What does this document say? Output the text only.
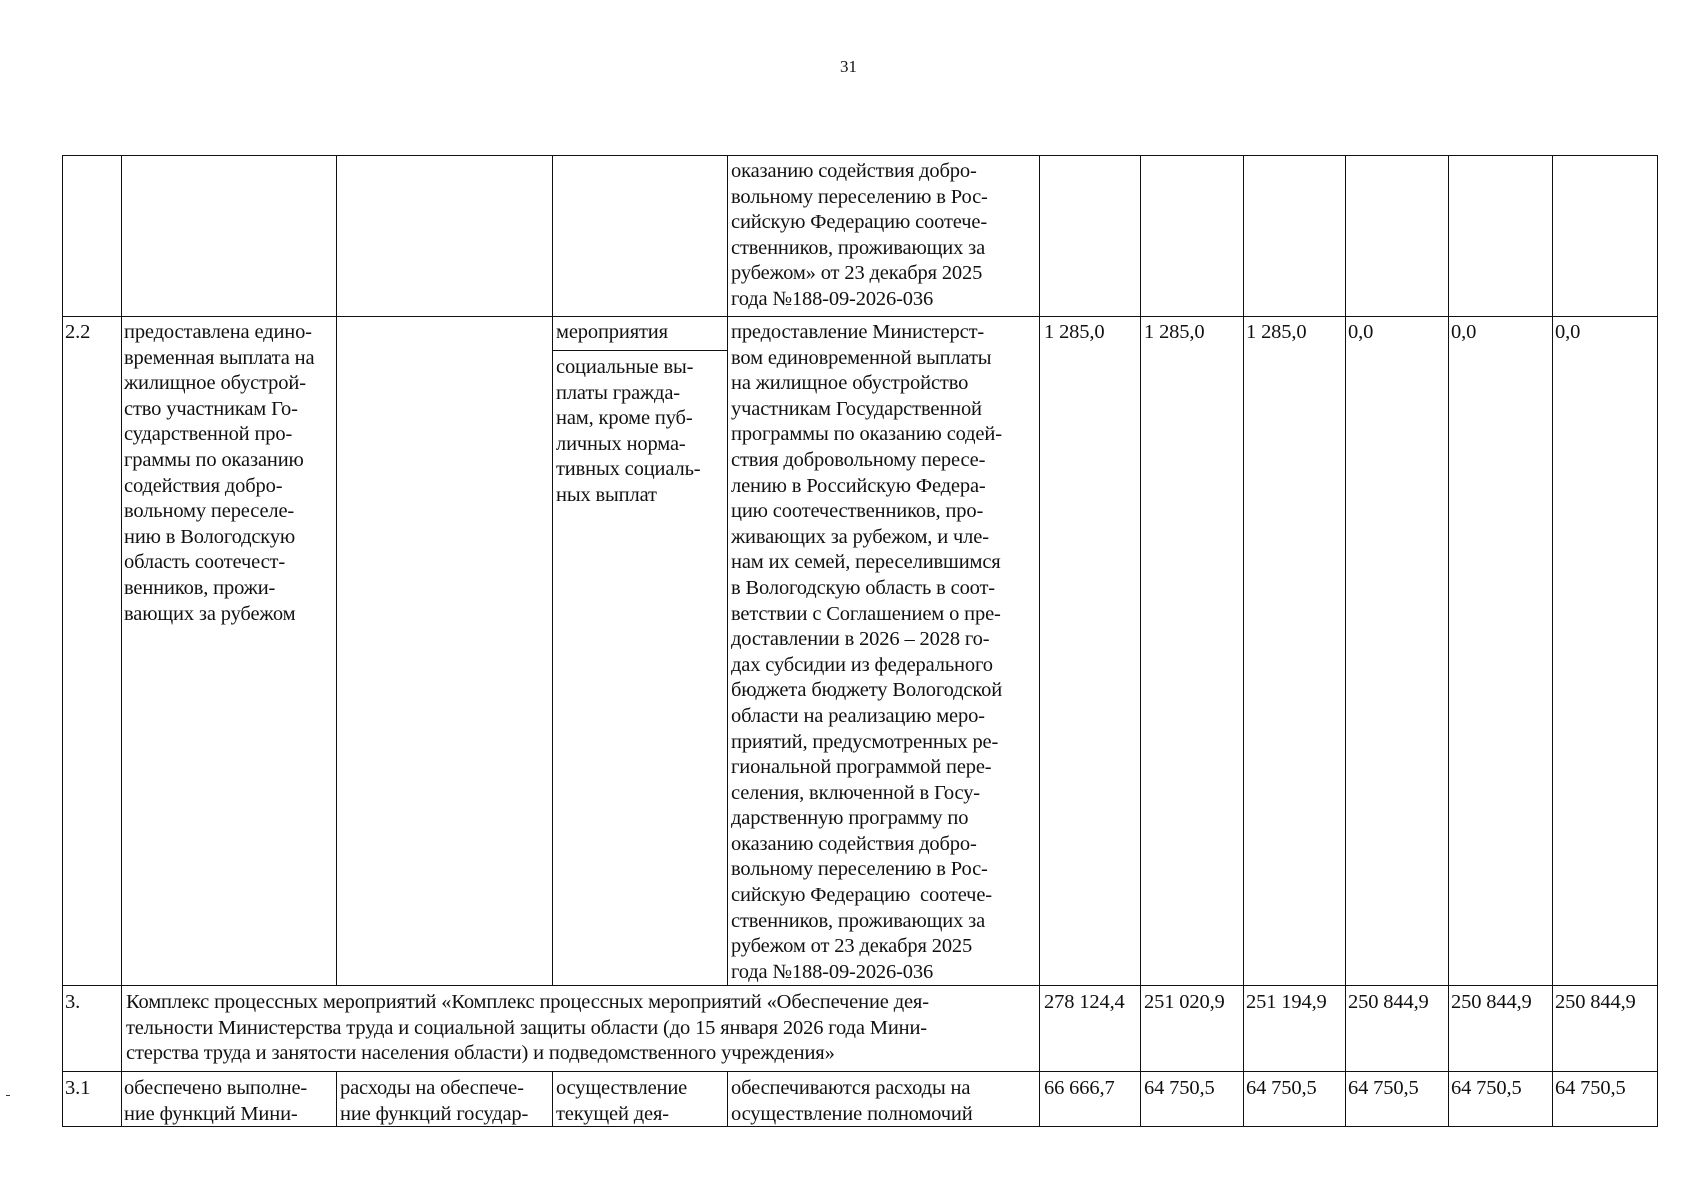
31
оказанию содействия добро-
вольному переселению в Рос-
сийскую Федерацию соотече-
ственников, проживающих за
рубежом» от 23 декабря 2025
года №188-09-2026-036
2.2 предоставлена едино-
временная выплата на
жилищное обустрой-
ство участникам Го-
сударственной про-
граммы по оказанию
содействия добро-
вольному переселе-
нию в Вологодскую
область соотечест-
венников, прожи-
вающих за рубежом
мероприятия
социальные вы-
платы гражда-
нам, кроме пуб-
личных норма-
тивных социаль-
ных выплат
предоставление Министерст-
вом единовременной выплаты
на жилищное обустройство
участникам Государственной
программы по оказанию содей-
ствия добровольному пересе-
лению в Российскую Федера-
цию соотечественников, про-
живающих за рубежом, и чле-
нам их семей, переселившимся
в Вологодскую область в соот-
ветствии с Соглашением о пре-
доставлении в 2026 – 2028 го-
дах субсидии из федерального
бюджета бюджету Вологодской
области на реализацию меро-
приятий, предусмотренных ре-
гиональной программой пере-
селения, включенной в Госу-
дарственную программу по
оказанию содействия добро-
вольному переселению в Рос-
сийскую Федерацию  соотече-
ственников, проживающих за
рубежом от 23 декабря 2025
года №188-09-2026-036
1 285,0 1 285,0 1 285,0 0,0	0,0	0,0
3. Комплекс процессных мероприятий «Комплекс процессных мероприятий «Обеспечение дея-
тельности Министерства труда и социальной защиты области (до 15 января 2026 года Мини-
стерства труда и занятости населения области) и подведомственного учреждения»
278 124,4 251 020,9 251 194,9 250 844,9 250 844,9 250 844,9
3.1 обеспечено выполне-
ние функций Мини-
расходы на обеспече-
ние функций государ-
осуществление
текущей дея-
обеспечиваются расходы на
осуществление полномочий
66 666,7 64 750,5 64 750,5 64 750,5 64 750,5 64 750,5
